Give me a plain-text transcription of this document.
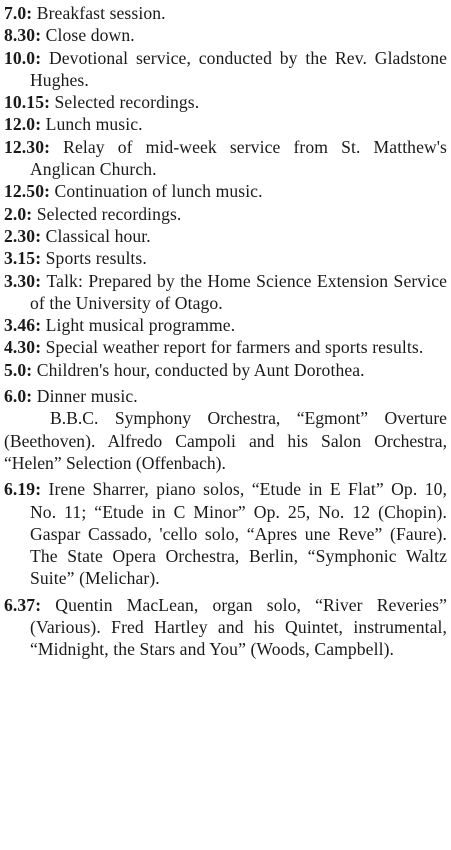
7.0: Breakfast session.

8.30: Close down.

10.0: Devotional service, conducted by the Rev. Gladstone Hughes.

10.15: Selected recordings.

12.0: Lunch music.

12.30: Relay of mid-week service from St. Matthew's Anglican Church.

12.50: Continuation of lunch music.

2.0: Selected recordings.

2.30: Classical hour.

3.15: Sports results.

3.30: Talk: Prepared by the Home Science Extension Service of the University of Otago.

3.46: Light musical programme.

4.30: Special weather report for farmers and sports results.

5.0: Children's hour, conducted by Aunt Dorothea.

6.0: Dinner music.

B.B.C. Symphony Orchestra, “Egmont” Overture (Beethoven). Alfredo Campoli and his Salon Orchestra, “Helen” Selection (Offenbach).

6.19: Irene Sharrer, piano solos, “Etude in E Flat” Op. 10, No. 11; “Etude in C Minor” Op. 25, No. 12 (Chopin). Gaspar Cassado, 'cello solo, “Apres une Reve” (Faure). The State Opera Orchestra, Berlin, “Symphonic Waltz Suite” (Melichar).

6.37: Quentin MacLean, organ solo, “River Reveries” (Various). Fred Hartley and his Quintet, instrumental, “Midnight, the Stars and You” (Woods, Campbell).
